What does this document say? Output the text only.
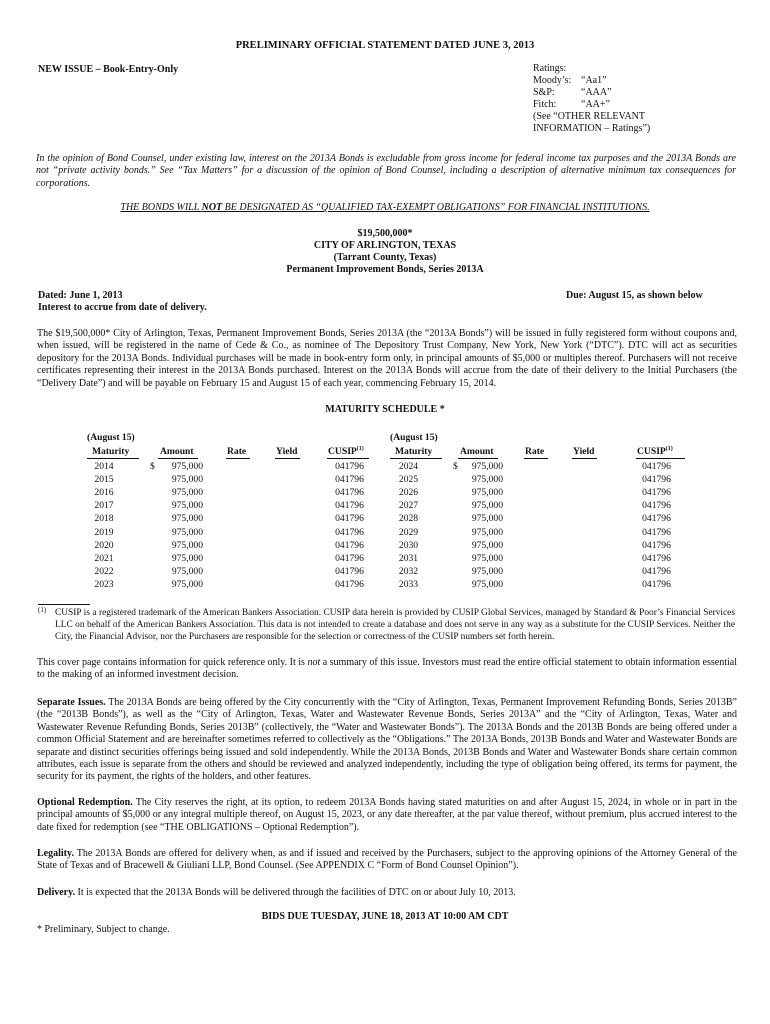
PRELIMINARY OFFICIAL STATEMENT DATED JUNE 3, 2013
NEW ISSUE – Book-Entry-Only	Ratings:
Moody’s: “Aa1”
S&P:	“AAA”
Fitch:	“AA+”
(See “OTHER RELEVANT
INFORMATION – Ratings”)
In the opinion of Bond Counsel, under existing law, interest on the 2013A Bonds is excludable from gross income for federal income tax purposes and the 2013A Bonds are not “private activity bonds.” See “Tax Matters” for a discussion of the opinion of Bond Counsel, including a description of alternative minimum tax consequences for corporations.
THE BONDS WILL NOT BE DESIGNATED AS “QUALIFIED TAX-EXEMPT OBLIGATIONS” FOR FINANCIAL INSTITUTIONS.
$19,500,000*
CITY OF ARLINGTON, TEXAS
(Tarrant County, Texas)
Permanent Improvement Bonds, Series 2013A
Dated: June 1, 2013
Interest to accrue from date of delivery.
Due: August 15, as shown below
The $19,500,000* City of Arlington, Texas, Permanent Improvement Bonds, Series 2013A (the “2013A Bonds”) will be issued in fully registered form without coupons and, when issued, will be registered in the name of Cede & Co., as nominee of The Depository Trust Company, New York, New York (“DTC”). DTC will act as securities depository for the 2013A Bonds. Individual purchases will be made in book-entry form only, in principal amounts of $5,000 or multiples thereof. Purchasers will not receive certificates representing their interest in the 2013A Bonds purchased. Interest on the 2013A Bonds will accrue from the date of their delivery to the Initial Purchasers (the “Delivery Date”) and will be payable on February 15 and August 15 of each year, commencing February 15, 2014.
MATURITY SCHEDULE *
(August 15)
Maturity	Amount	Rate	Yield	CUSIP$^{(1)}$
$
2014	975,000	041796
2015	975,000	041796
2016	975,000	041796
2017	975,000	041796
2018	975,000	041796
2019	975,000	041796
2020	975,000	041796
2021	975,000	041796
2022	975,000	041796
2023	975,000	041796
(August 15)
Maturity	Amount	Rate	Yield	CUSIP$^{(1)}$
$
2024	975,000	041796
2025	975,000	041796
2026	975,000	041796
2027	975,000	041796
2028	975,000	041796
2029	975,000	041796
2030	975,000	041796
2031	975,000	041796
2032	975,000	041796
2033	975,000	041796
(1) CUSIP is a registered trademark of the American Bankers Association. CUSIP data herein is provided by CUSIP Global Services, managed by Standard & Poor’s Financial Services LLC on behalf of the American Bankers Association. This data is not intended to create a database and does not serve in any way as a substitute for the CUSIP Services. Neither the City, the Financial Advisor, nor the Purchasers are responsible for the selection or correctness of the CUSIP numbers set forth herein.
This cover page contains information for quick reference only. It is not a summary of this issue. Investors must read the entire official statement to obtain information essential to the making of an informed investment decision.
Separate Issues. The 2013A Bonds are being offered by the City concurrently with the “City of Arlington, Texas, Permanent Improvement Refunding Bonds, Series 2013B” (the “2013B Bonds”), as well as the “City of Arlington, Texas, Water and Wastewater Revenue Bonds, Series 2013A” and the “City of Arlington, Texas, Water and Wastewater Revenue Refunding Bonds, Series 2013B” (collectively, the “Water and Wastewater Bonds”). The 2013A Bonds and the 2013B Bonds are being offered under a common Official Statement and are hereinafter sometimes referred to collectively as the “Obligations.” The 2013A Bonds, 2013B Bonds and Water and Wastewater Bonds are separate and distinct securities offerings being issued and sold independently. While the 2013A Bonds, 2013B Bonds and Water and Wastewater Bonds share certain common attributes, each issue is separate from the others and should be reviewed and analyzed independently, including the type of obligation being offered, its terms for payment, the security for its payment, the rights of the holders, and other features.
Optional Redemption. The City reserves the right, at its option, to redeem 2013A Bonds having stated maturities on and after August 15, 2024, in whole or in part in the principal amounts of $5,000 or any integral multiple thereof, on August 15, 2023, or any date thereafter, at the par value thereof, without premium, plus accrued interest to the date fixed for redemption (see “THE OBLIGATIONS – Optional Redemption”).
Legality. The 2013A Bonds are offered for delivery when, as and if issued and received by the Purchasers, subject to the approving opinions of the Attorney General of the State of Texas and of Bracewell & Giuliani LLP, Bond Counsel. (See APPENDIX C “Form of Bond Counsel Opinion”).
Delivery. It is expected that the 2013A Bonds will be delivered through the facilities of DTC on or about July 10, 2013.
BIDS DUE TUESDAY, JUNE 18, 2013 AT 10:00 AM CDT
* Preliminary, Subject to change.
